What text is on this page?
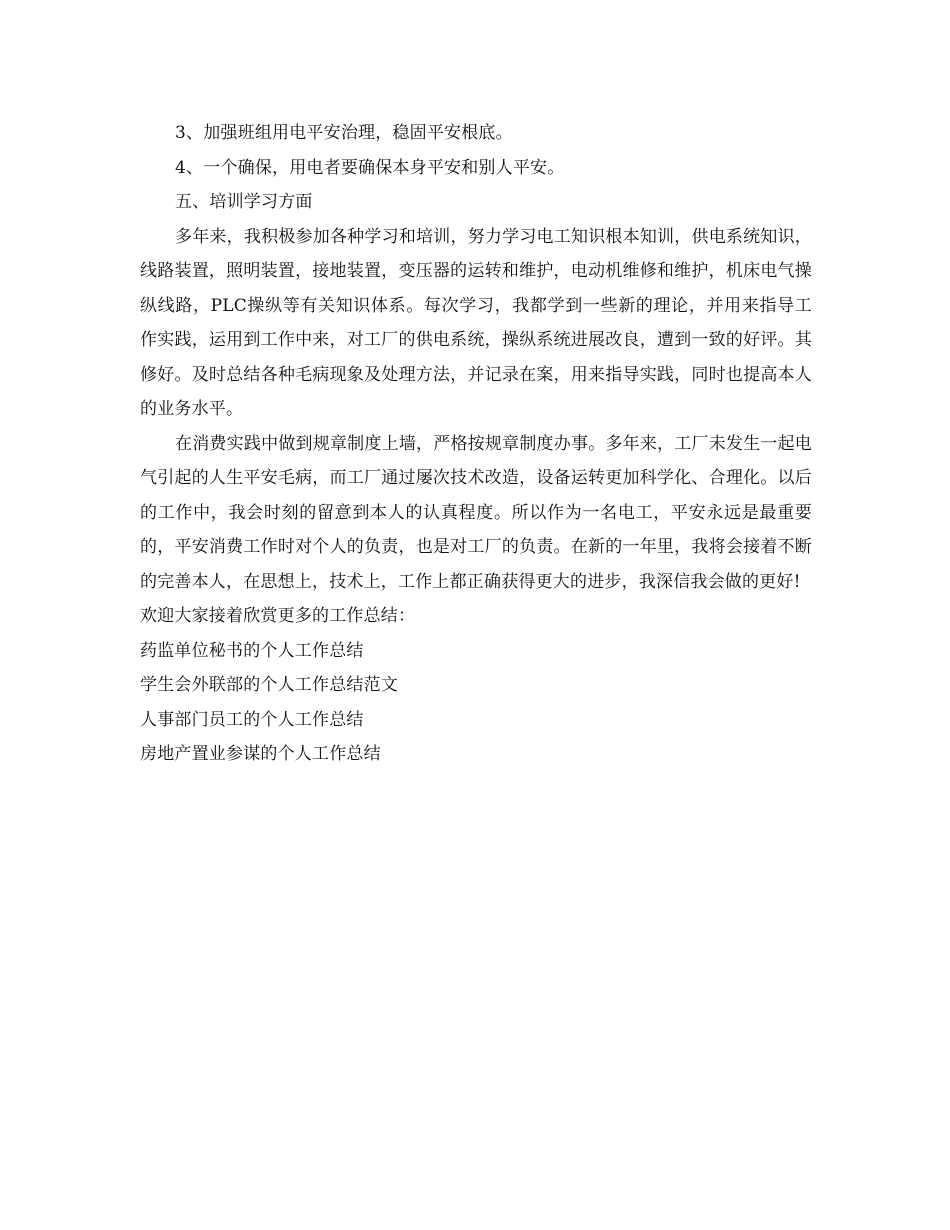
3、加强班组用电平安治理，稳固平安根底。

4、一个确保，用电者要确保本身平安和别人平安。

五、培训学习方面

多年来，我积极参加各种学习和培训，努力学习电工知识根本知训，供电系统知识，线路装置，照明装置，接地装置，变压器的运转和维护，电动机维修和维护，机床电气操纵线路，PLC操纵等有关知识体系。每次学习，我都学到一些新的理论，并用来指导工作实践，运用到工作中来，对工厂的供电系统，操纵系统进展改良，遭到一致的好评。其修好。及时总结各种毛病现象及处理方法，并记录在案，用来指导实践，同时也提高本人的业务水平。

在消费实践中做到规章制度上墙，严格按规章制度办事。多年来，工厂未发生一起电气引起的人生平安毛病，而工厂通过屡次技术改造，设备运转更加科学化、合理化。以后的工作中，我会时刻的留意到本人的认真程度。所以作为一名电工，平安永远是最重要的，平安消费工作时对个人的负责，也是对工厂的负责。在新的一年里，我将会接着不断的完善本人，在思想上，技术上，工作上都正确获得更大的进步，我深信我会做的更好!

欢迎大家接着欣赏更多的工作总结：

药监单位秘书的个人工作总结

学生会外联部的个人工作总结范文

人事部门员工的个人工作总结

房地产置业参谋的个人工作总结
